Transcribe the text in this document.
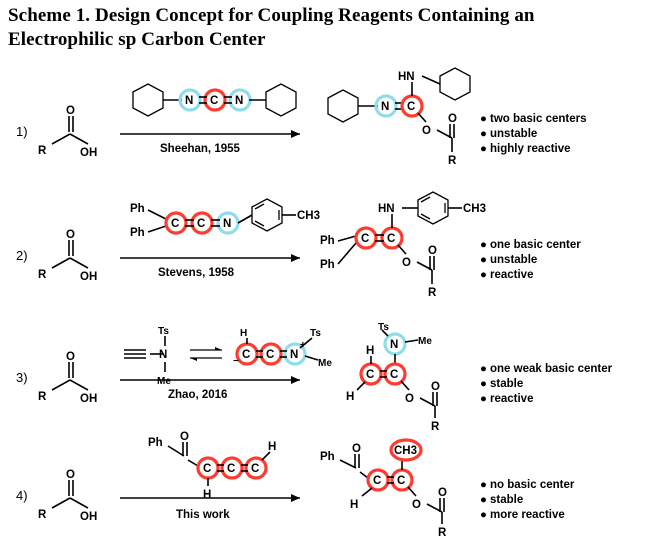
Scheme 1. Design Concept for Coupling Reagents Containing an Electrophilic sp Carbon Center
1)
O
R	OH	Sheehan, 1955
N C N	N C
HN
O
O
R
● two basic centers
● unstable
● highly reactive
2)
O
R	OH	Stevens, 1958
Ph
Ph
C C N
CH3
Ph
Ph
C C
HN	CH3
O
O
R
● one basic center
● unstable
● reactive
3)
O
R	OH	Zhao, 2016
N
Ts
Me
C C N
+
−
H	Ts
Me
Ts
N Me
C
C
H
H	O
O
R
● one weak basic center
● stable
● reactive
4)
O
R	OH	This work
Ph O
C C C
H
H
Ph
O
C C
CH3
H	O
O
R
● no basic center
● stable
● more reactive
